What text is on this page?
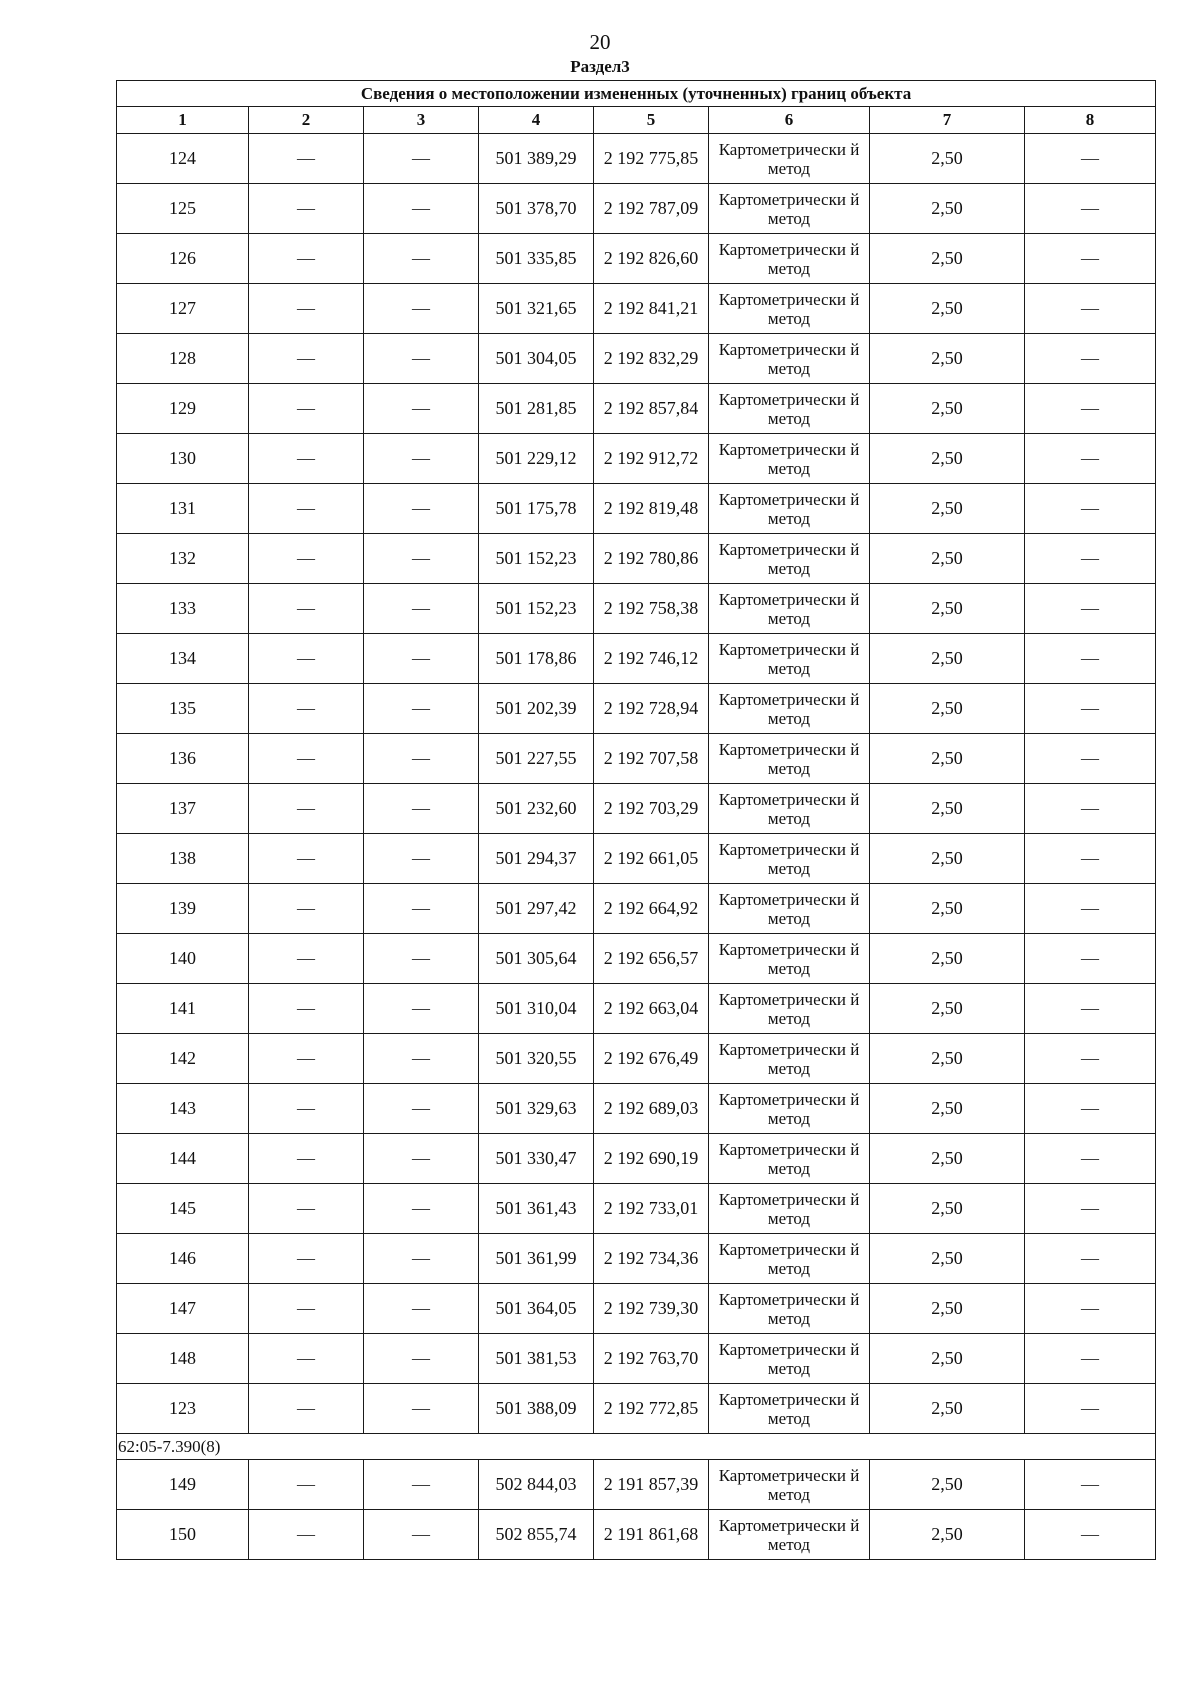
20
Раздел3
Сведения о местоположении измененных (уточненных) границ объекта							
1	2	3	4	5	6	7	8
124	—	—	501 389,29	2 192 775,85	Картометрически й метод	2,50	—
125	—	—	501 378,70	2 192 787,09	Картометрически й метод	2,50	—
126	—	—	501 335,85	2 192 826,60	Картометрически й метод	2,50	—
127	—	—	501 321,65	2 192 841,21	Картометрически й метод	2,50	—
128	—	—	501 304,05	2 192 832,29	Картометрически й метод	2,50	—
129	—	—	501 281,85	2 192 857,84	Картометрически й метод	2,50	—
130	—	—	501 229,12	2 192 912,72	Картометрически й метод	2,50	—
131	—	—	501 175,78	2 192 819,48	Картометрически й метод	2,50	—
132	—	—	501 152,23	2 192 780,86	Картометрически й метод	2,50	—
133	—	—	501 152,23	2 192 758,38	Картометрически й метод	2,50	—
134	—	—	501 178,86	2 192 746,12	Картометрически й метод	2,50	—
135	—	—	501 202,39	2 192 728,94	Картометрически й метод	2,50	—
136	—	—	501 227,55	2 192 707,58	Картометрически й метод	2,50	—
137	—	—	501 232,60	2 192 703,29	Картометрически й метод	2,50	—
138	—	—	501 294,37	2 192 661,05	Картометрически й метод	2,50	—
139	—	—	501 297,42	2 192 664,92	Картометрически й метод	2,50	—
140	—	—	501 305,64	2 192 656,57	Картометрически й метод	2,50	—
141	—	—	501 310,04	2 192 663,04	Картометрически й метод	2,50	—
142	—	—	501 320,55	2 192 676,49	Картометрически й метод	2,50	—
143	—	—	501 329,63	2 192 689,03	Картометрически й метод	2,50	—
144	—	—	501 330,47	2 192 690,19	Картометрически й метод	2,50	—
145	—	—	501 361,43	2 192 733,01	Картометрически й метод	2,50	—
146	—	—	501 361,99	2 192 734,36	Картометрически й метод	2,50	—
147	—	—	501 364,05	2 192 739,30	Картометрически й метод	2,50	—
148	—	—	501 381,53	2 192 763,70	Картометрически й метод	2,50	—
123	—	—	501 388,09	2 192 772,85	Картометрически й метод	2,50	—
62:05-7.390(8)							
149	—	—	502 844,03	2 191 857,39	Картометрически й метод	2,50	—
150	—	—	502 855,74	2 191 861,68	Картометрически й метод	2,50	—
